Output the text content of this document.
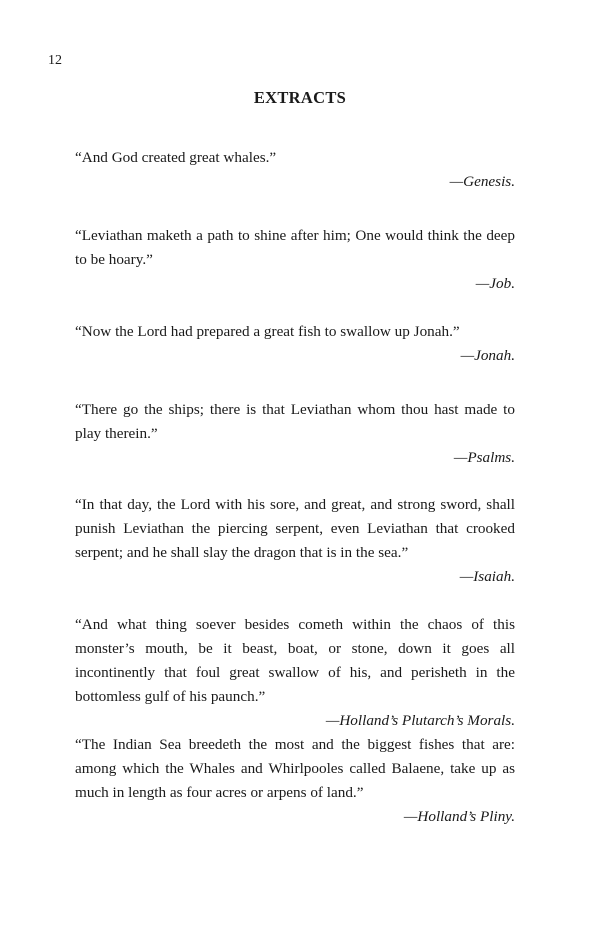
12
EXTRACTS

“And God created great whales.”

—Genesis.

“Leviathan maketh a path to shine after him; One would think the deep to be hoary.”

—Job.

“Now the Lord had prepared a great fish to swallow up Jonah.”

—Jonah.

“There go the ships; there is that Leviathan whom thou hast made to play therein.”

—Psalms.

“In that day, the Lord with his sore, and great, and strong sword, shall punish Leviathan the piercing serpent, even Leviathan that crooked serpent; and he shall slay the dragon that is in the sea.”

—Isaiah.

“And what thing soever besides cometh within the chaos of this monster’s mouth, be it beast, boat, or stone, down it goes all incontinently that foul great swallow of his, and perisheth in the bottomless gulf of his paunch.”

—Holland’s Plutarch’s Morals.

“The Indian Sea breedeth the most and the biggest fishes that are: among which the Whales and Whirlpooles called Balaene, take up as much in length as four acres or arpens of land.”

—Holland’s Pliny.
